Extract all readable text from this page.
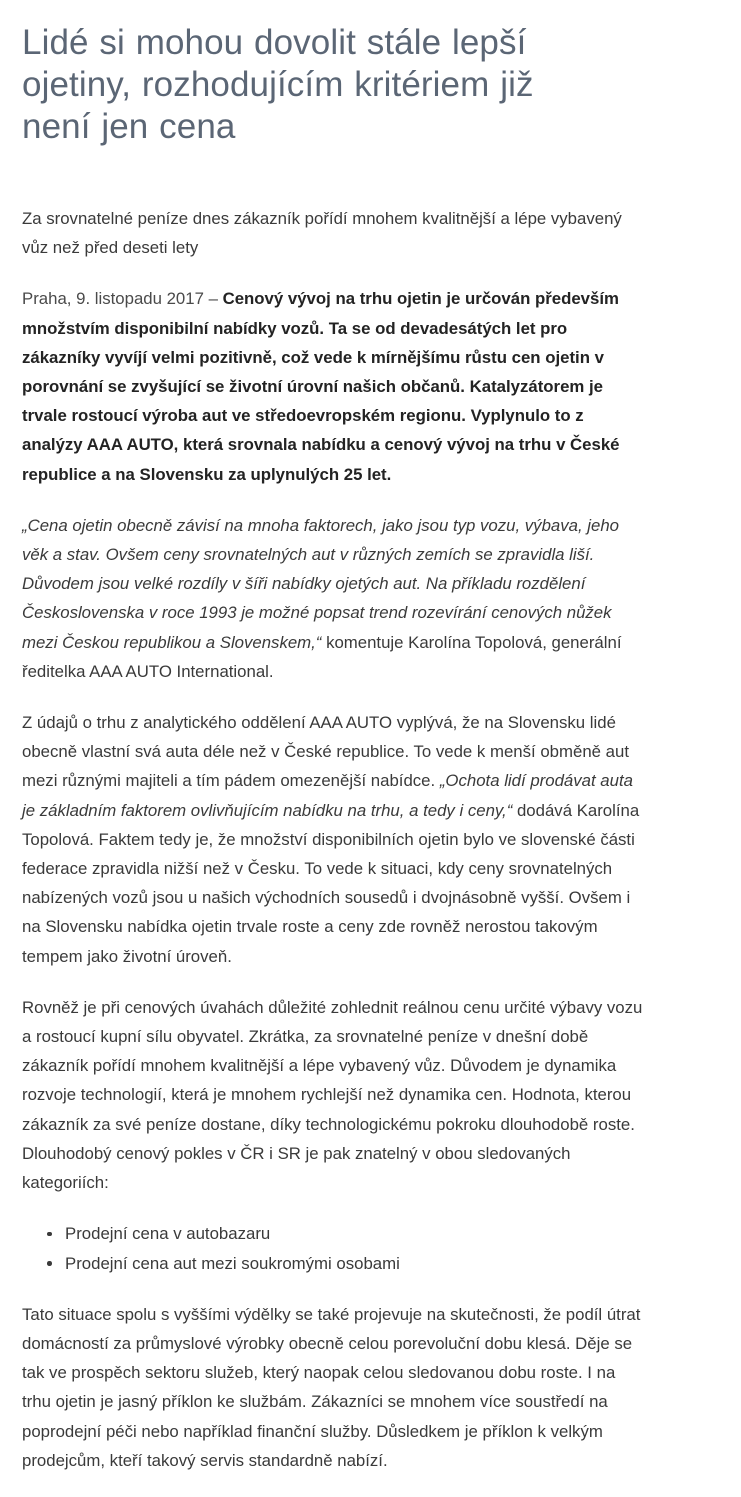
Lidé si mohou dovolit stále lepší ojetiny, rozhodujícím kritériem již není jen cena

Za srovnatelné peníze dnes zákazník pořídí mnohem kvalitnější a lépe vybavený vůz než před deseti lety

Praha, 9. listopadu 2017 – Cenový vývoj na trhu ojetin je určován především množstvím disponibilní nabídky vozů. Ta se od devadesátých let pro zákazníky vyvíjí velmi pozitivně, což vede k mírnějšímu růstu cen ojetin v porovnání se zvyšující se životní úrovní našich občanů. Katalyzátorem je trvale rostoucí výroba aut ve středoevropském regionu. Vyplynulo to z analýzy AAA AUTO, která srovnala nabídku a cenový vývoj na trhu v České republice a na Slovensku za uplynulých 25 let.

„Cena ojetin obecně závisí na mnoha faktorech, jako jsou typ vozu, výbava, jeho věk a stav. Ovšem ceny srovnatelných aut v různých zemích se zpravidla liší. Důvodem jsou velké rozdíly v šíři nabídky ojetých aut. Na příkladu rozdělení Československa v roce 1993 je možné popsat trend rozevírání cenových nůžek mezi Českou republikou a Slovenskem,“ komentuje Karolína Topolová, generální ředitelka AAA AUTO International.

Z údajů o trhu z analytického oddělení AAA AUTO vyplývá, že na Slovensku lidé obecně vlastní svá auta déle než v České republice. To vede k menší obměně aut mezi různými majiteli a tím pádem omezenější nabídce. „Ochota lidí prodávat auta je základním faktorem ovlivňujícím nabídku na trhu, a tedy i ceny,“ dodává Karolína Topolová. Faktem tedy je, že množství disponibilních ojetin bylo ve slovenské části federace zpravidla nižší než v Česku. To vede k situaci, kdy ceny srovnatelných nabízených vozů jsou u našich východních sousedů i dvojnásobně vyšší. Ovšem i na Slovensku nabídka ojetin trvale roste a ceny zde rovněž nerostou takovým tempem jako životní úroveň.

Rovněž je při cenových úvahách důležité zohlednit reálnou cenu určité výbavy vozu a rostoucí kupní sílu obyvatel. Zkrátka, za srovnatelné peníze v dnešní době zákazník pořídí mnohem kvalitnější a lépe vybavený vůz. Důvodem je dynamika rozvoje technologií, která je mnohem rychlejší než dynamika cen. Hodnota, kterou zákazník za své peníze dostane, díky technologickému pokroku dlouhodobě roste. Dlouhodobý cenový pokles v ČR i SR je pak znatelný v obou sledovaných kategoriích:

Prodejní cena v autobazaru
Prodejní cena aut mezi soukromými osobami

Tato situace spolu s vyššími výdělky se také projevuje na skutečnosti, že podíl útrat domácností za průmyslové výrobky obecně celou porevoluční dobu klesá. Děje se tak ve prospěch sektoru služeb, který naopak celou sledovanou dobu roste. I na trhu ojetin je jasný příklon ke službám. Zákazníci se mnohem více soustředí na poprodejní péči nebo například finanční služby. Důsledkem je příklon k velkým prodejcům, kteří takový servis standardně nabízí.
